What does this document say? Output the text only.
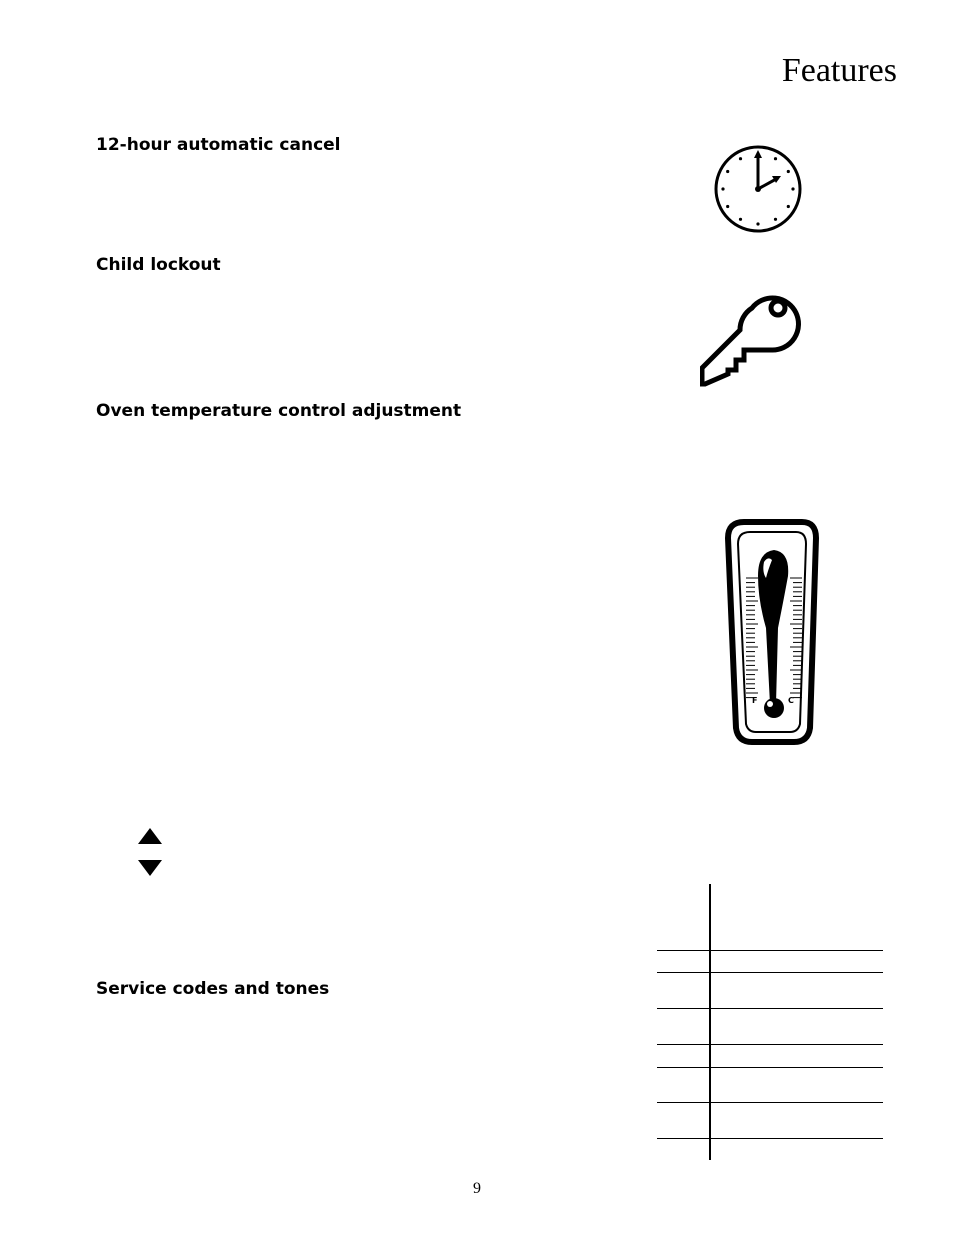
Features
12-hour automatic cancel
Child lockout
Oven temperature control adjustment
Service codes and tones
F	C
9
